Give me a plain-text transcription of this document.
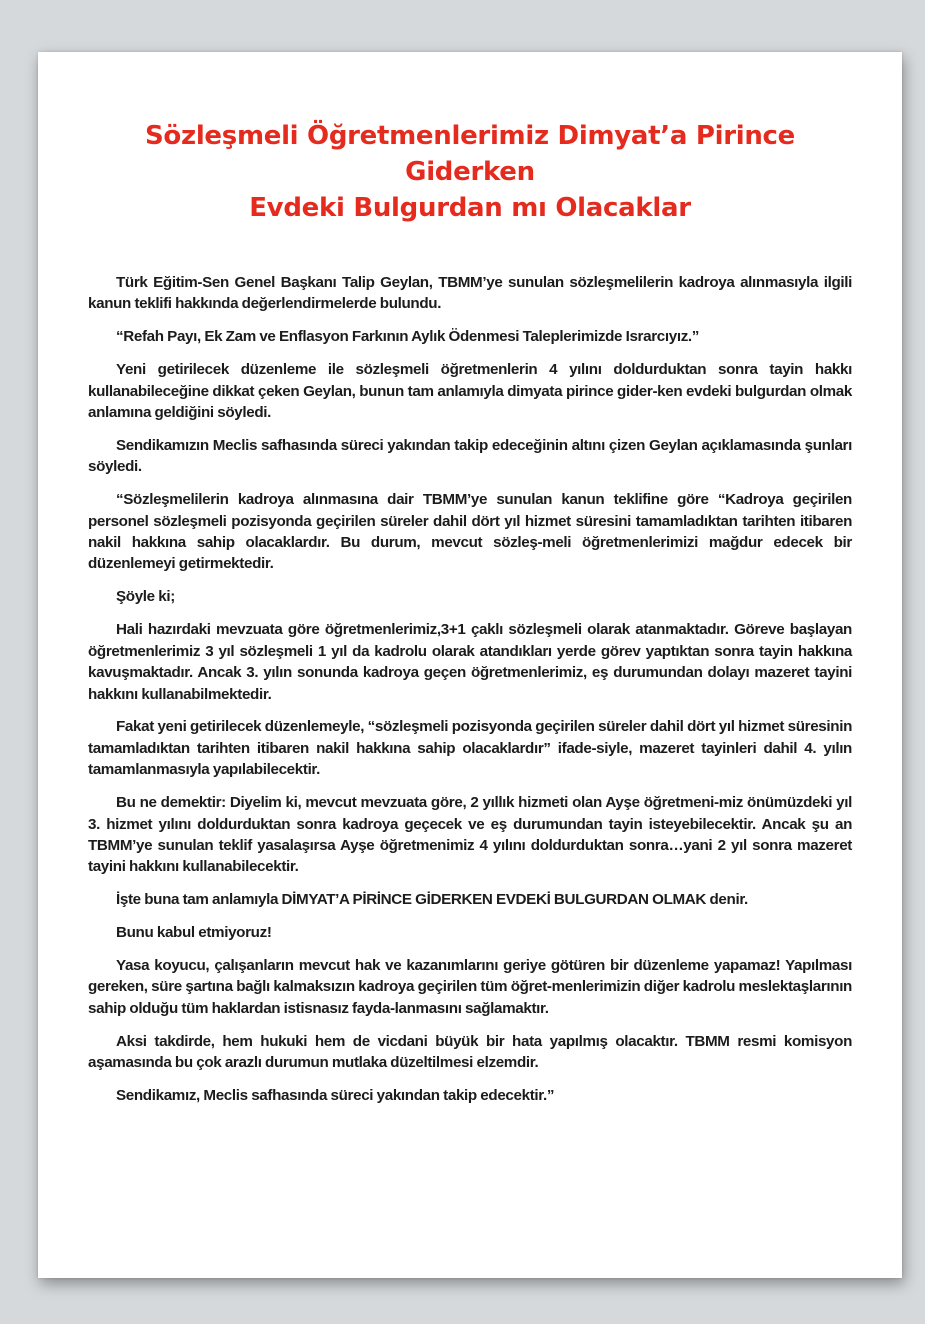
Sözleşmeli Öğretmenlerimiz Dimyat’a Pirince Giderken
Evdeki Bulgurdan mı Olacaklar

Türk Eğitim-Sen Genel Başkanı Talip Geylan, TBMM’ye sunulan sözleşmelilerin kadroya alınmasıyla ilgili kanun teklifi hakkında değerlendirmelerde bulundu.

“Refah Payı, Ek Zam ve Enflasyon Farkının Aylık Ödenmesi Taleplerimizde Israrcıyız.”

Yeni getirilecek düzenleme ile sözleşmeli öğretmenlerin 4 yılını doldurduktan sonra tayin hakkı kullanabileceğine dikkat çeken Geylan, bunun tam anlamıyla dimyata pirince gider-ken evdeki bulgurdan olmak anlamına geldiğini söyledi.

Sendikamızın Meclis safhasında süreci yakından takip edeceğinin altını çizen Geylan açıklamasında şunları söyledi.

“Sözleşmelilerin kadroya alınmasına dair TBMM’ye sunulan kanun teklifine göre “Kadroya geçirilen personel sözleşmeli pozisyonda geçirilen süreler dahil dört yıl hizmet süresini tamamladıktan tarihten itibaren nakil hakkına sahip olacaklardır. Bu durum, mevcut sözleş-meli öğretmenlerimizi mağdur edecek bir düzenlemeyi getirmektedir.

Şöyle ki;

Hali hazırdaki mevzuata göre öğretmenlerimiz,3+1 çaklı sözleşmeli olarak atanmaktadır. Göreve başlayan öğretmenlerimiz 3 yıl sözleşmeli 1 yıl da kadrolu olarak atandıkları yerde görev yaptıktan sonra tayin hakkına kavuşmaktadır. Ancak 3. yılın sonunda kadroya geçen öğretmenlerimiz, eş durumundan dolayı mazeret tayini hakkını kullanabilmektedir.

Fakat yeni getirilecek düzenlemeyle, “sözleşmeli pozisyonda geçirilen süreler dahil dört yıl hizmet süresinin tamamladıktan tarihten itibaren nakil hakkına sahip olacaklardır” ifade-siyle, mazeret tayinleri dahil 4. yılın tamamlanmasıyla yapılabilecektir.

Bu ne demektir: Diyelim ki, mevcut mevzuata göre, 2 yıllık hizmeti olan Ayşe öğretmeni-miz önümüzdeki yıl 3. hizmet yılını doldurduktan sonra kadroya geçecek ve eş durumundan tayin isteyebilecektir. Ancak şu an TBMM’ye sunulan teklif yasalaşırsa Ayşe öğretmenimiz 4 yılını doldurduktan sonra…yani 2 yıl sonra mazeret tayini hakkını kullanabilecektir.

İşte buna tam anlamıyla DİMYAT’A PİRİNCE GİDERKEN EVDEKİ BULGURDAN OLMAK denir.

Bunu kabul etmiyoruz!

Yasa koyucu, çalışanların mevcut hak ve kazanımlarını geriye götüren bir düzenleme yapamaz! Yapılması gereken, süre şartına bağlı kalmaksızın kadroya geçirilen tüm öğret-menlerimizin diğer kadrolu meslektaşlarının sahip olduğu tüm haklardan istisnasız fayda-lanmasını sağlamaktır.

Aksi takdirde, hem hukuki hem de vicdani büyük bir hata yapılmış olacaktır. TBMM resmi komisyon aşamasında bu çok arazlı durumun mutlaka düzeltilmesi elzemdir.

Sendikamız, Meclis safhasında süreci yakından takip edecektir.”
